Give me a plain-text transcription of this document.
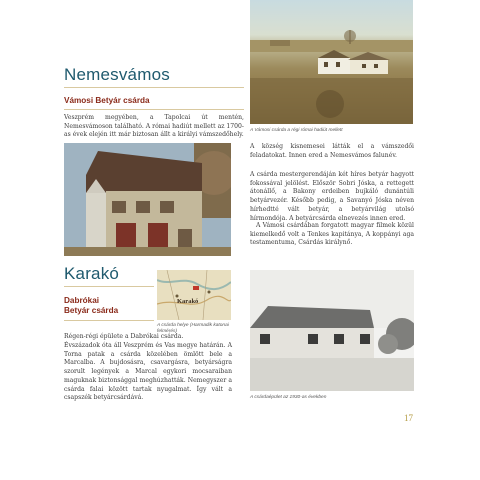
Nemesvámos
Vámosi Betyár csárda
Veszprém megyében, a Tapolcai út mentén, Nemesvámoson található. A római hadiút mellett az 1700-as évek elején itt már biztosan állt a királyi vámszedőhely.
A Vámosi csárda a régi római hadiút mellett
A község kisnemesei látták el a vámszedői feladatokat. Innen ered a Nemesvámos falunév.
A csárda mestergerendáján két híres betyár hagyott fokossával jelölést. Először Sobri Jóska, a rettegett átonállő, a Bakony erdeiben bujkáló dunántúli betyárvezér. Később pedig, a Savanyó Jóska néven hírhedtté vált betyár, a betyárvilág utolsó hírmondója. A betyárcsárda elnevezés innen ered.
A Vámosi csárdában forgatott magyar filmek közül kiemelkedő volt a Tenkes kapitánya, A koppányi aga testamentuma, Csárdás királynő.
Karakó
Dabrókai
Betyár csárda
Karakó
A csárda helye (Harmadik katonai felmérés)
Régen-régi épülete a Dabrókai csárda.
Évszázadok óta áll Veszprém és Vas megye határán. A Torna patak a csárda közelében ömlött bele a Marcalba. A bujdosásra, csavargásra, betyárságra szorult legények a Marcal egykori mocsaraiban maguknak biztonsággal meghúzhatták. Nemegyszer a csárda falai között tartak nyugalmat. Így vált a csapszék betyárcsárdává.	A csárdaépület az 1930-as években
17
